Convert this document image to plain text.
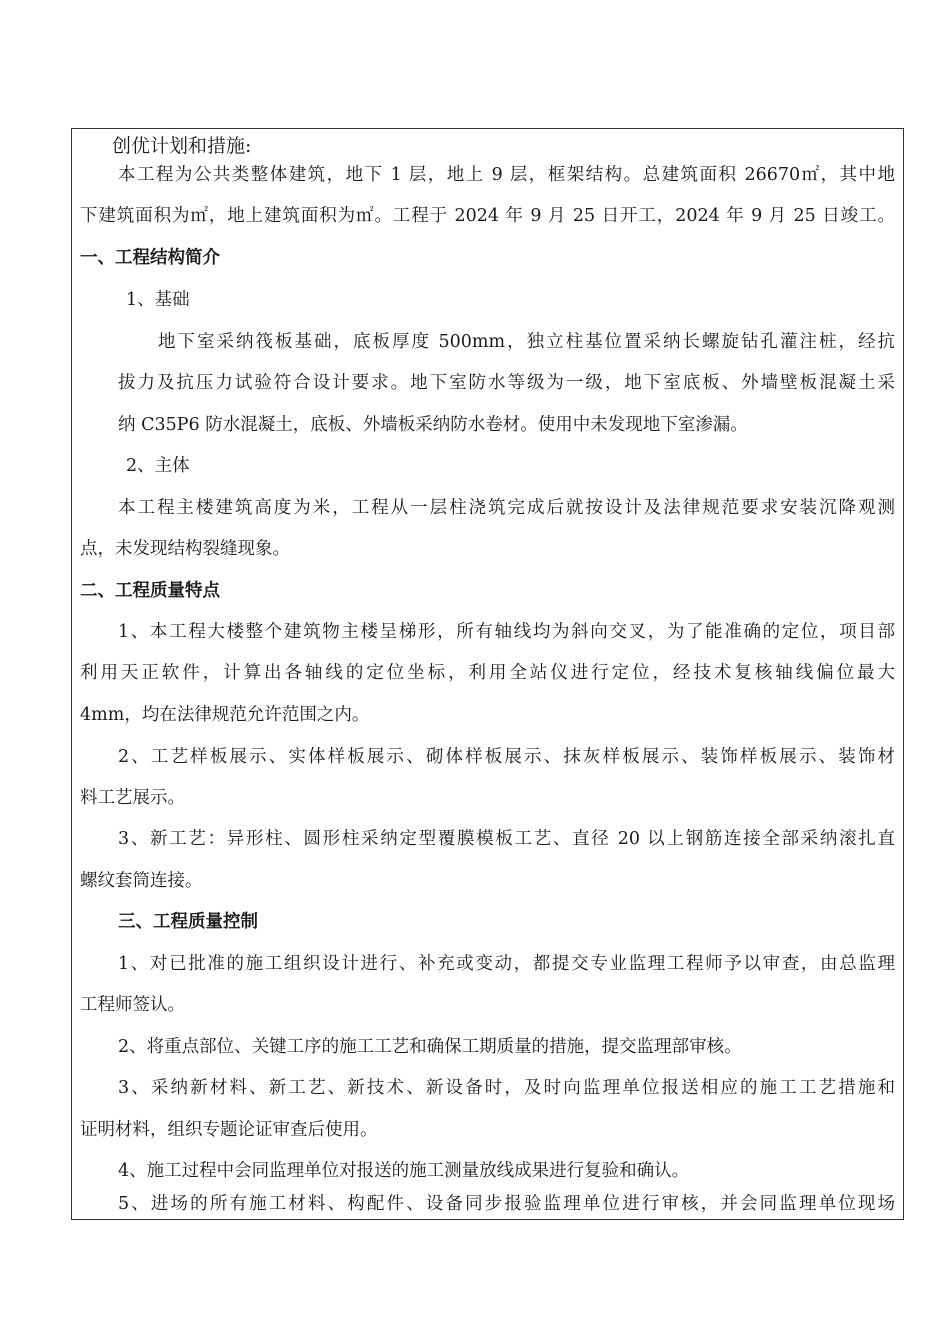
创优计划和措施:
本工程为公共类整体建筑，地下 1 层，地上 9 层，框架结构。总建筑面积 26670㎡，其中地
下建筑面积为㎡，地上建筑面积为㎡。工程于 2024 年 9 月 25 日开工，2024 年 9 月 25 日竣工。
一、工程结构简介
1、基础
地下室采纳筏板基础，底板厚度 500mm，独立柱基位置采纳长螺旋钻孔灌注桩，经抗
拔力及抗压力试验符合设计要求。地下室防水等级为一级，地下室底板、外墙壁板混凝土采
纳 C35P6 防水混凝土，底板、外墙板采纳防水卷材。使用中未发现地下室渗漏。
2、主体
本工程主楼建筑高度为米，工程从一层柱浇筑完成后就按设计及法律规范要求安装沉降观测
点，未发现结构裂缝现象。
二、工程质量特点
1、本工程大楼整个建筑物主楼呈梯形，所有轴线均为斜向交叉，为了能准确的定位，项目部
利用天正软件，计算出各轴线的定位坐标，利用全站仪进行定位，经技术复核轴线偏位最大
4mm，均在法律规范允许范围之内。
2、工艺样板展示、实体样板展示、砌体样板展示、抹灰样板展示、装饰样板展示、装饰材
料工艺展示。
3、新工艺：异形柱、圆形柱采纳定型覆膜模板工艺、直径 20 以上钢筋连接全部采纳滚扎直
螺纹套筒连接。
三、工程质量控制
1、对已批准的施工组织设计进行、补充或变动，都提交专业监理工程师予以审查，由总监理
工程师签认。
2、将重点部位、关键工序的施工工艺和确保工期质量的措施，提交监理部审核。
3、采纳新材料、新工艺、新技术、新设备时，及时向监理单位报送相应的施工工艺措施和
证明材料，组织专题论证审查后使用。
4、施工过程中会同监理单位对报送的施工测量放线成果进行复验和确认。
5、进场的所有施工材料、构配件、设备同步报验监理单位进行审核，并会同监理单位现场
